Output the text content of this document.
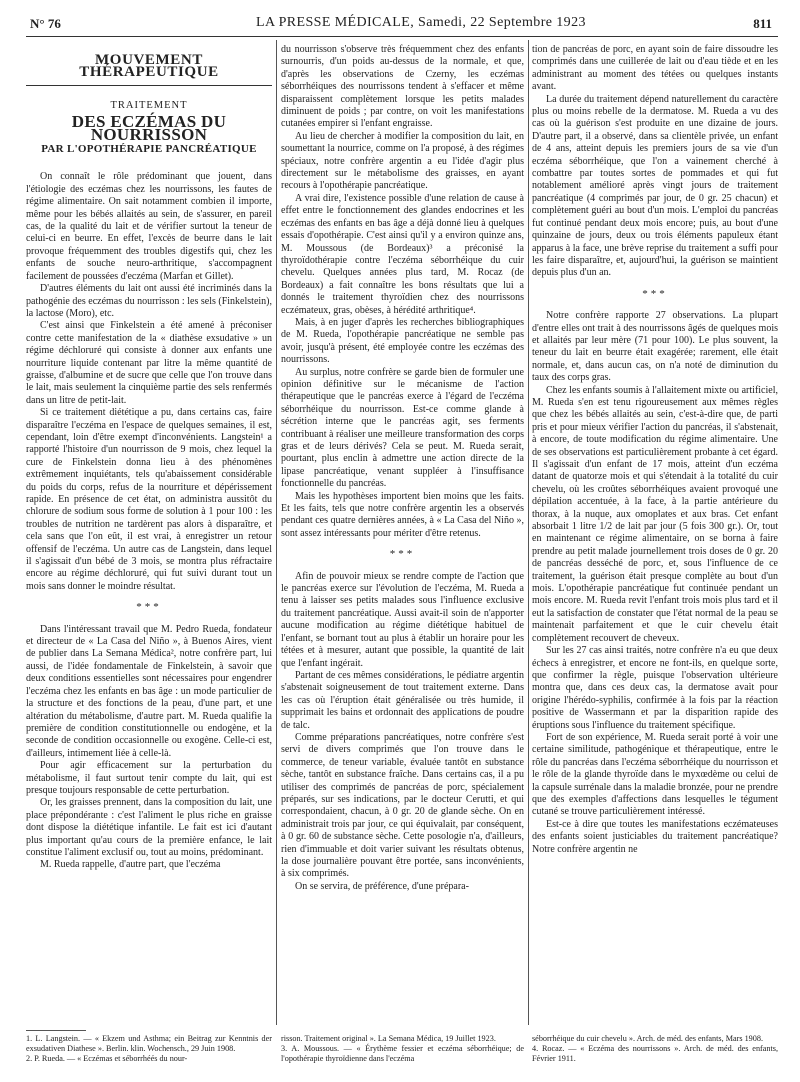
N° 76	LA PRESSE MÉDICALE, Samedi, 22 Septembre 1923	811
MOUVEMENT THÉRAPEUTIQUE
TRAITEMENT
DES ECZÉMAS DU NOURRISSON
PAR L'OPOTHÉRAPIE PANCRÉATIQUE

On connaît le rôle prédominant que jouent, dans l'étiologie des eczémas chez les nourrissons, les fautes de régime alimentaire. On sait notamment combien il importe, même pour les bébés allaités au sein, de s'assurer, en pareil cas, de la qualité du lait et de vérifier surtout la teneur de celui-ci en beurre. En effet, l'excès de beurre dans le lait provoque fréquemment des troubles digestifs qui, chez les enfants de souche neuro-arthritique, s'accompagnent facilement de poussées d'eczéma (Marfan et Gillet).

D'autres éléments du lait ont aussi été incriminés dans la pathogénie des eczémas du nourrisson : les sels (Finkelstein), la lactose (Moro), etc.

C'est ainsi que Finkelstein a été amené à préconiser contre cette manifestation de la « diathèse exsudative » un régime déchloruré qui consiste à donner aux enfants une nourriture liquide contenant par litre la même quantité de graisse, d'albumine et de sucre que celle que l'on trouve dans le lait, mais seulement la cinquième partie des sels renfermés dans un litre de petit-lait.

Si ce traitement diététique a pu, dans certains cas, faire disparaître l'eczéma en l'espace de quelques semaines, il est, cependant, loin d'être exempt d'inconvénients. Langstein¹ a rapporté l'histoire d'un nourrisson de 9 mois, chez lequel la cure de Finkelstein donna lieu à des phénomènes extrêmement inquiétants, tels qu'abaissement considérable du poids du corps, refus de la nourriture et dépérissement rapide. En présence de cet état, on administra aussitôt du chlorure de sodium sous forme de solution à 1 pour 100 : les troubles de nutrition ne tardèrent pas alors à disparaître, et cela sans que l'on eût, il est vrai, à enregistrer un retour offensif de l'eczéma. Un autre cas de Langstein, dans lequel il s'agissait d'un bébé de 3 mois, se montra plus réfractaire encore au régime déchloruré, qui fut suivi durant tout un mois sans donner le moindre résultat.

***

Dans l'intéressant travail que M. Pedro Rueda, fondateur et directeur de « La Casa del Niño », à Buenos Aires, vient de publier dans La Semana Médica², notre confrère part, lui aussi, de l'idée fondamentale de Finkelstein, à savoir que deux conditions essentielles sont nécessaires pour engendrer l'eczéma chez les enfants en bas âge : un mode particulier de la structure et des fonctions de la peau, d'une part, et une altération du métabolisme, d'autre part. M. Rueda qualifie la première de condition constitutionnelle ou endogène, et la seconde de condition occasionnelle ou exogène. Celle-ci est, d'ailleurs, intimement liée à celle-là.

Pour agir efficacement sur la perturbation du métabolisme, il faut surtout tenir compte du lait, qui est presque toujours responsable de cette perturbation.

Or, les graisses prennent, dans la composition du lait, une place prépondérante : c'est l'aliment le plus riche en graisse dont dispose la diététique infantile. Le fait est ici d'autant plus important qu'au cours de la première enfance, le lait constitue l'aliment exclusif ou, tout au moins, prédominant.

M. Rueda rappelle, d'autre part, que l'eczéma

du nourrisson s'observe très fréquemment chez des enfants surnourris, d'un poids au-dessus de la normale, et que, d'après les observations de Czerny, les eczémas séborrhéiques des nourrissons tendent à s'effacer et même disparaissent complètement lorsque les petits malades diminuent de poids ; par contre, on voit les manifestations cutanées empirer si l'enfant engraisse.

Au lieu de chercher à modifier la composition du lait, en soumettant la nourrice, comme on l'a proposé, à des régimes spéciaux, notre confrère argentin a eu l'idée d'agir plus directement sur le métabolisme des graisses, en ayant recours à l'opothérapie pancréatique.

A vrai dire, l'existence possible d'une relation de cause à effet entre le fonctionnement des glandes endocrines et les eczémas des enfants en bas âge a déjà donné lieu à quelques essais d'opothérapie. C'est ainsi qu'il y a environ quinze ans, M. Moussous (de Bordeaux)³ a préconisé la thyroïdothérapie contre l'eczéma séborrhéique du cuir chevelu. Quelques années plus tard, M. Rocaz (de Bordeaux) a fait connaître les bons résultats que lui a donnés le traitement thyroïdien chez des nourrissons eczémateux, gras, obèses, à hérédité arthritique⁴.

Mais, à en juger d'après les recherches bibliographiques de M. Rueda, l'opothérapie pancréatique ne semble pas avoir, jusqu'à présent, été employée contre les eczémas des nourrissons.

Au surplus, notre confrère se garde bien de formuler une opinion définitive sur le mécanisme de l'action thérapeutique que le pancréas exerce à l'égard de l'eczéma séborrhéique du nourrisson. Est-ce comme glande à sécrétion interne que le pancréas agit, ses ferments contribuant à réaliser une meilleure transformation des corps gras et de leurs dérivés? Cela se peut. M. Rueda serait, pourtant, plus enclin à admettre une action directe de la lipase pancréatique, venant suppléer à l'insuffisance fonctionnelle du pancréas.

Mais les hypothèses importent bien moins que les faits. Et les faits, tels que notre confrère argentin les a observés pendant ces quatre dernières années, à « La Casa del Niño », sont assez intéressants pour mériter d'être retenus.

***

Afin de pouvoir mieux se rendre compte de l'action que le pancréas exerce sur l'évolution de l'eczéma, M. Rueda a tenu à laisser ses petits malades sous l'influence exclusive du traitement pancréatique. Aussi avait-il soin de n'apporter aucune modification au régime diététique habituel de l'enfant, se bornant tout au plus à établir un horaire pour les tétées et à mesurer, autant que possible, la quantité de lait que l'enfant ingérait.

Partant de ces mêmes considérations, le pédiatre argentin s'abstenait soigneusement de tout traitement externe. Dans les cas où l'éruption était généralisée ou très humide, il supprimait les bains et ordonnait des applications de poudre de talc.

Comme préparations pancréatiques, notre confrère s'est servi de divers comprimés que l'on trouve dans le commerce, de teneur variable, évaluée tantôt en substance sèche, tantôt en substance fraîche. Dans certains cas, il a pu utiliser des comprimés de pancréas de porc, spécialement préparés, sur ses indications, par le docteur Cerutti, et qui correspondaient, chacun, à 0 gr. 20 de glande sèche. On en administrait trois par jour, ce qui équivalait, par conséquent, à 0 gr. 60 de substance sèche. Cette posologie n'a, d'ailleurs, rien d'immuable et doit varier suivant les résultats obtenus, la dose journalière pouvant être portée, sans inconvénients, à six comprimés.

On se servira, de préférence, d'une prépara-

tion de pancréas de porc, en ayant soin de faire dissoudre les comprimés dans une cuillerée de lait ou d'eau tiède et en les administrant au moment des tétées ou quelques instants avant.

La durée du traitement dépend naturellement du caractère plus ou moins rebelle de la dermatose. M. Rueda a vu des cas où la guérison s'est produite en une dizaine de jours. D'autre part, il a observé, dans sa clientèle privée, un enfant de 4 ans, atteint depuis les premiers jours de sa vie d'un eczéma séborrhéique, que l'on a vainement cherché à combattre par toutes sortes de pommades et qui fut notablement amélioré après vingt jours de traitement pancréatique (4 comprimés par jour, de 0 gr. 25 chacun) et complètement guéri au bout d'un mois. L'emploi du pancréas fut continué pendant deux mois encore; puis, au bout d'une quinzaine de jours, deux ou trois éléments papuleux étant apparus à la face, une brève reprise du traitement a suffi pour les faire disparaître, et, aujourd'hui, la guérison se maintient depuis plus d'un an.

***

Notre confrère rapporte 27 observations. La plupart d'entre elles ont trait à des nourrissons âgés de quelques mois et allaités par leur mère (71 pour 100). Le plus souvent, la teneur du lait en beurre était exagérée; rarement, elle était normale, et, dans aucun cas, on n'a noté de diminution du taux des corps gras.

Chez les enfants soumis à l'allaitement mixte ou artificiel, M. Rueda s'en est tenu rigoureusement aux mêmes règles que chez les bébés allaités au sein, c'est-à-dire que, de parti pris et pour mieux vérifier l'action du pancréas, il s'abstenait, à encore, de toute modification du régime alimentaire. Une de ses observations est particulièrement probante à cet égard. Il s'agissait d'un enfant de 17 mois, atteint d'un eczéma datant de quatorze mois et qui s'étendait à la totalité du cuir chevelu, où les croûtes séborrhéiques avaient provoqué une dépilation accentuée, à la face, à la partie antérieure du thorax, à la nuque, aux omoplates et aux bras. Cet enfant absorbait 1 litre 1/2 de lait par jour (5 fois 300 gr.). Or, tout en maintenant ce régime alimentaire, on se borna à faire prendre au petit malade journellement trois doses de 0 gr. 20 de pancréas desséché de porc, et, sous l'influence de ce traitement, la guérison était presque complète au bout d'un mois. L'opothérapie pancréatique fut continuée pendant un mois encore. M. Rueda revit l'enfant trois mois plus tard et il eut la satisfaction de constater que l'état normal de la peau se maintenait parfaitement et que le cuir chevelu était complètement recouvert de cheveux.

Sur les 27 cas ainsi traités, notre confrère n'a eu que deux échecs à enregistrer, et encore ne font-ils, en quelque sorte, que confirmer la règle, puisque l'observation ultérieure montra que, dans ces deux cas, la dermatose avait pour origine l'hérédo-syphilis, confirmée à la fois par la réaction positive de Wassermann et par la disparition rapide des éruptions sous l'influence du traitement spécifique.

Fort de son expérience, M. Rueda serait porté à voir une certaine similitude, pathogénique et thérapeutique, entre le rôle du pancréas dans l'eczéma séborrhéique du nourrisson et le rôle de la glande thyroïde dans le myxœdème ou celui de la capsule surrénale dans la maladie bronzée, pour ne prendre que des exemples d'affections dans lesquelles le tégument cutané se trouve particulièrement intéressé.

Est-ce à dire que toutes les manifestations eczémateuses des enfants soient justiciables du traitement pancréatique? Notre confrère argentin ne

1. L. Langstein. — « Ekzem und Asthma; ein Beitrag zur Kenntnis der exsudativen Diathese ». Berlin. klin. Wochensch., 29 Juin 1908.
2. P. Rueda. — « Eczémas et séborrhéés du nour-
risson. Traitement original ». La Semana Médica, 19 Juillet 1923.
3. A. Moussous. — « Érythème fessier et eczéma séborrhéique; de l'opothérapie thyroïdienne dans l'eczéma
séborrhéique du cuir chevelu ». Arch. de méd. des enfants, Mars 1908.
4. Rocaz. — « Eczéma des nourrissons ». Arch. de méd. des enfants, Février 1911.
